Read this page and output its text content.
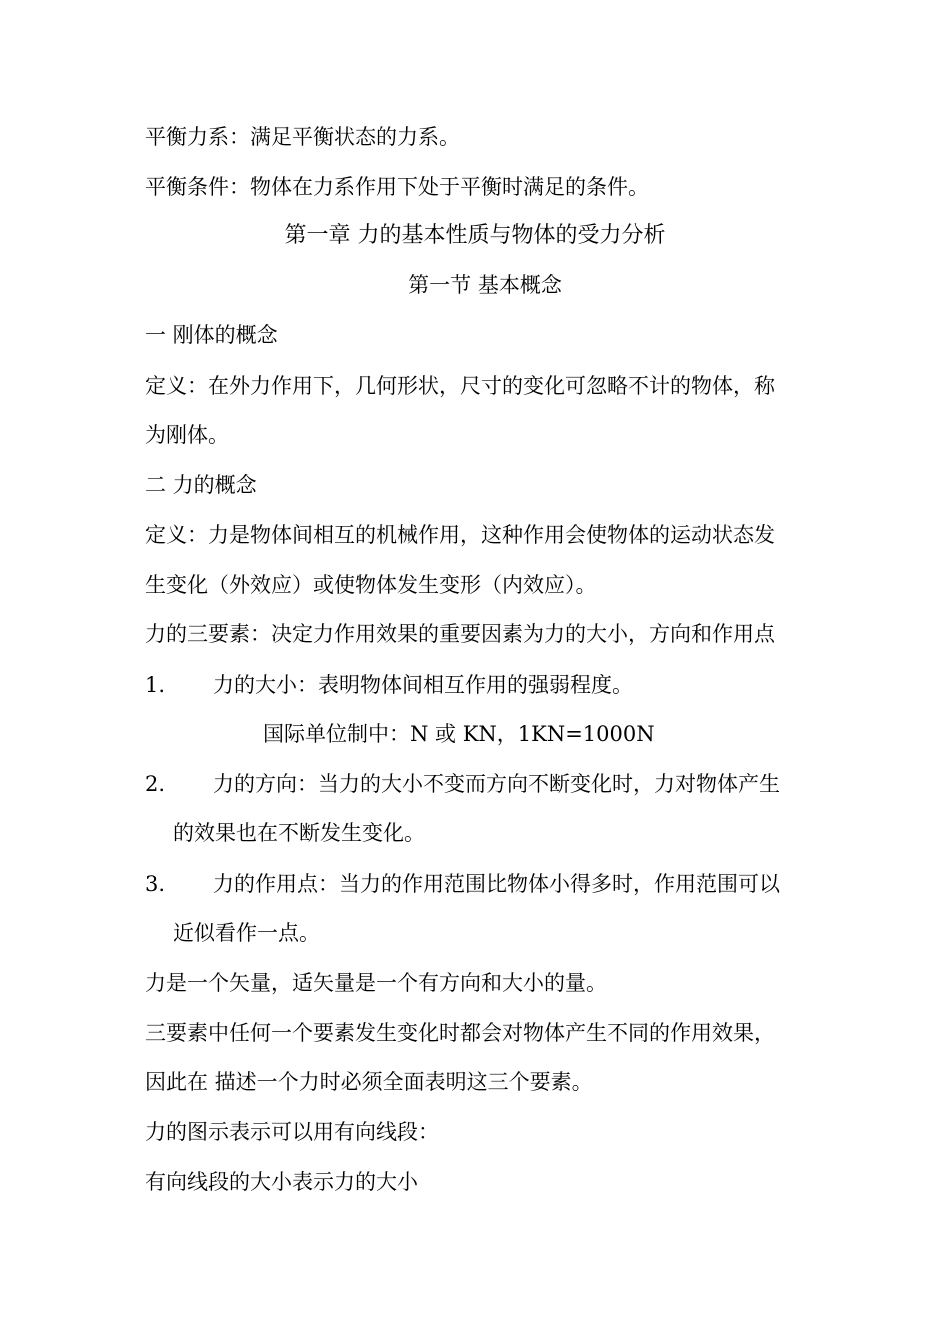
平衡力系：满足平衡状态的力系。
平衡条件：物体在力系作用下处于平衡时满足的条件。
第一章 力的基本性质与物体的受力分析
第一节 基本概念
一 刚体的概念
定义：在外力作用下，几何形状，尺寸的变化可忽略不计的物体，称
为刚体。
二 力的概念
定义：力是物体间相互的机械作用，这种作用会使物体的运动状态发
生变化（外效应）或使物体发生变形（内效应）。
力的三要素：决定力作用效果的重要因素为力的大小，方向和作用点
1. 力的大小：表明物体间相互作用的强弱程度。
国际单位制中：N 或 KN，1KN=1000N
2. 力的方向：当力的大小不变而方向不断变化时，力对物体产生
的效果也在不断发生变化。
3. 力的作用点：当力的作用范围比物体小得多时，作用范围可以
近似看作一点。
力是一个矢量，适矢量是一个有方向和大小的量。
三要素中任何一个要素发生变化时都会对物体产生不同的作用效果，
因此在 描述一个力时必须全面表明这三个要素。
力的图示表示可以用有向线段：
有向线段的大小表示力的大小
